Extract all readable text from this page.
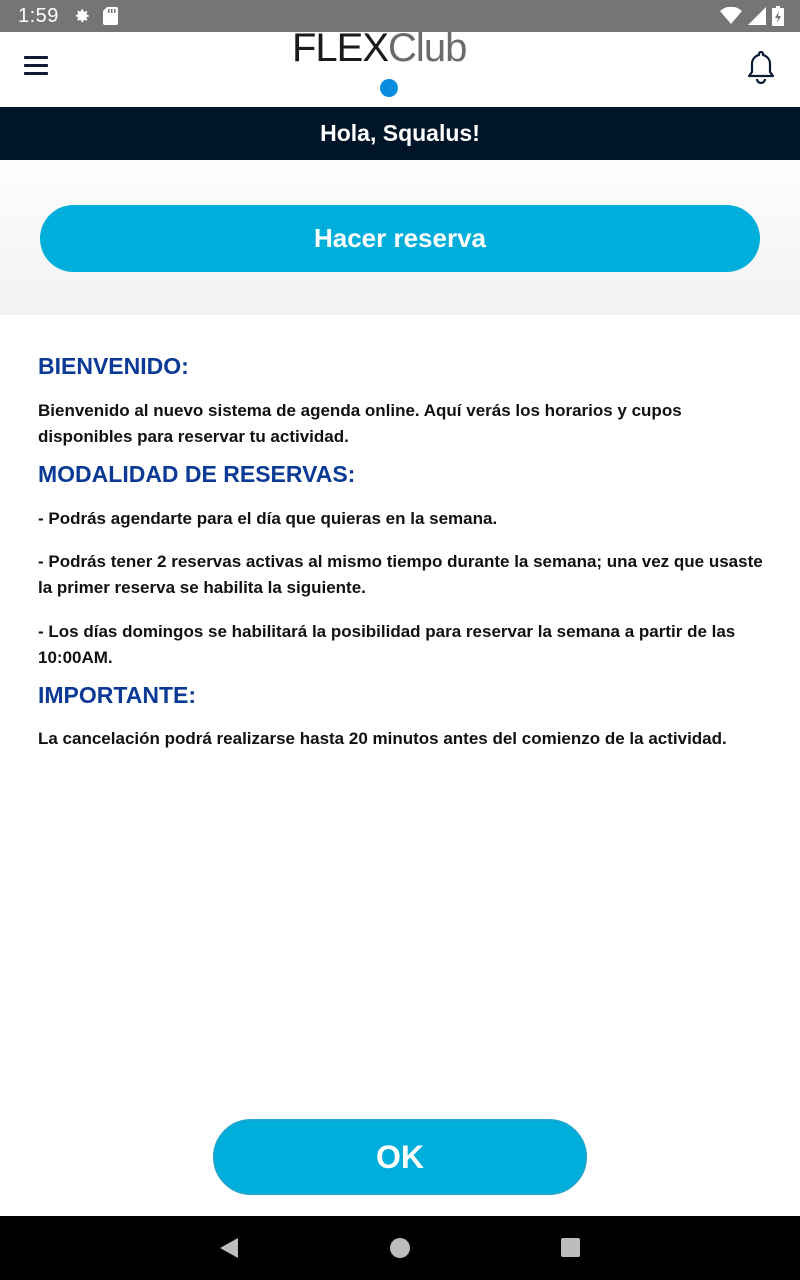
1:59
FLEXClub
Hola, Squalus!
Hacer reserva
BIENVENIDO:

Bienvenido al nuevo sistema de agenda online. Aquí verás los horarios y cupos disponibles para reservar tu actividad.

MODALIDAD DE RESERVAS:

- Podrás agendarte para el día que quieras en la semana.

- Podrás tener 2 reservas activas al mismo tiempo durante la semana; una vez que usaste la primer reserva se habilita la siguiente.

- Los días domingos se habilitará la posibilidad para reservar la semana a partir de las 10:00AM.

IMPORTANTE:

La cancelación podrá realizarse hasta 20 minutos antes del comienzo de la actividad.

OK
